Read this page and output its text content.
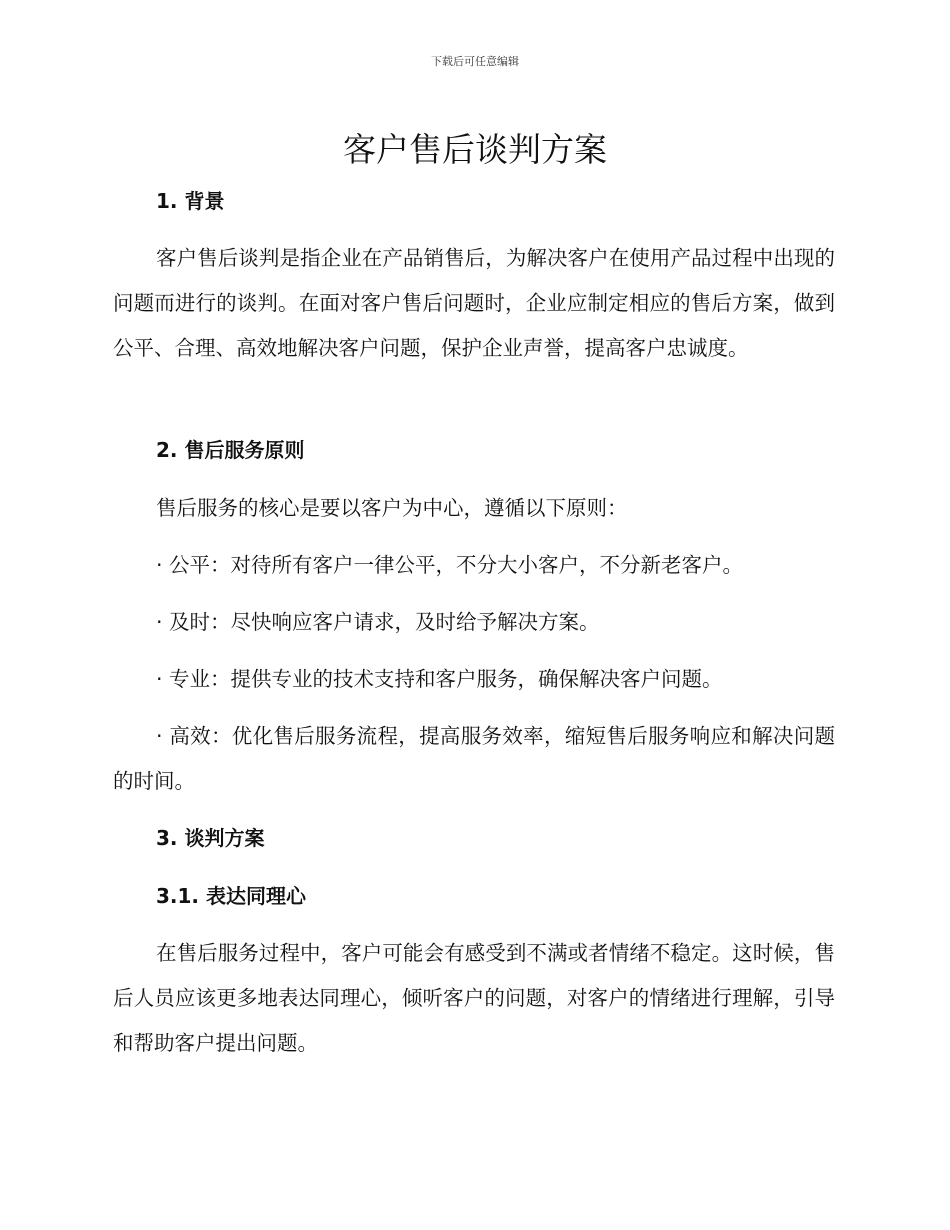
下载后可任意编辑
客户售后谈判方案
1. 背景

客户售后谈判是指企业在产品销售后，为解决客户在使用产品过程中出现的问题而进行的谈判。在面对客户售后问题时，企业应制定相应的售后方案，做到公平、合理、高效地解决客户问题，保护企业声誉，提高客户忠诚度。

2. 售后服务原则

售后服务的核心是要以客户为中心，遵循以下原则：

· 公平：对待所有客户一律公平，不分大小客户，不分新老客户。

· 及时：尽快响应客户请求，及时给予解决方案。

· 专业：提供专业的技术支持和客户服务，确保解决客户问题。

· 高效：优化售后服务流程，提高服务效率，缩短售后服务响应和解决问题的时间。

3. 谈判方案
3.1. 表达同理心

在售后服务过程中，客户可能会有感受到不满或者情绪不稳定。这时候，售后人员应该更多地表达同理心，倾听客户的问题，对客户的情绪进行理解，引导和帮助客户提出问题。
